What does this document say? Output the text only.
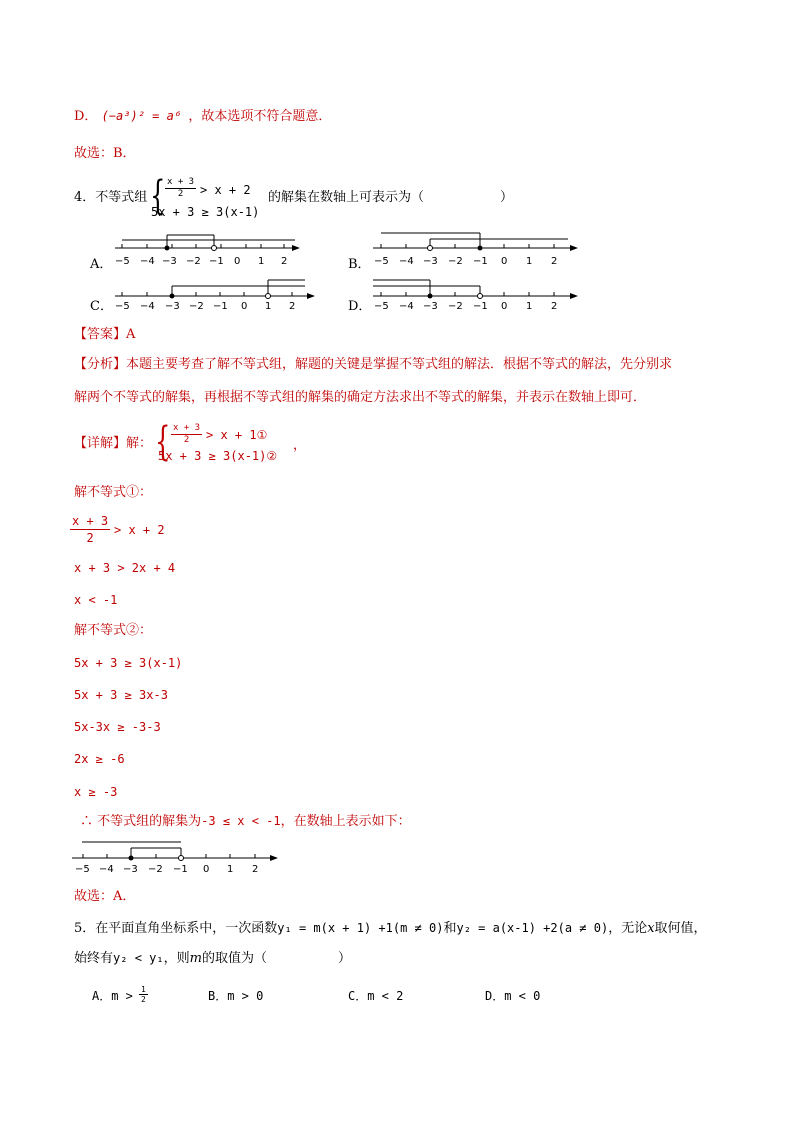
D． (−a³)² = a⁶ ，故本选项不符合题意．
故选：B．
4．不等式组 { $\frac{x + 3}{2} > x + 2$
5x + 3 ≥ 3(x-1)
的解集在数轴上可表示为（	）
A．	B．
C．	D．
−5 −4 −3 −2 −1 0 1 2	−5 −4 −3 −2 −1 0 1 2
−5 −4 −3 −2 −1 0 1 2	−5 −4 −3 −2 −1 0 1 2
【答案】A
【分析】本题主要考查了解不等式组，解题的关键是掌握不等式组的解法．根据不等式的解法，先分别求
解两个不等式的解集，再根据不等式组的解集的确定方法求出不等式的解集，并表示在数轴上即可．
【详解】解： { $\frac{x + 3}{2} > x$ + 1①
5x + 3 ≥ 3(x-1)②
，
解不等式①：
$\frac{x + 3}{2} > x + 2$
x + 3 > 2x + 4
x < -1
解不等式②：
5x + 3 ≥ 3(x-1)
5x + 3 ≥ 3x-3
5x-3x ≥ -3-3
2x ≥ -6
x ≥ -3
∴ 不等式组的解集为-3 ≤ x < -1，在数轴上表示如下：
−5 −4 −3 −2 −1 0 1 2
故选：A．
5．在平面直角坐标系中，一次函数y₁ = m(x + 1) +1(m ≠ 0)和y₂ = a(x-1) +2(a ≠ 0)，无论x取何值，
始终有y₂ < y₁，则m的取值为（	）
A．$m > \frac{1}{2}$	B．m > 0	C．m < 2	D．m < 0
